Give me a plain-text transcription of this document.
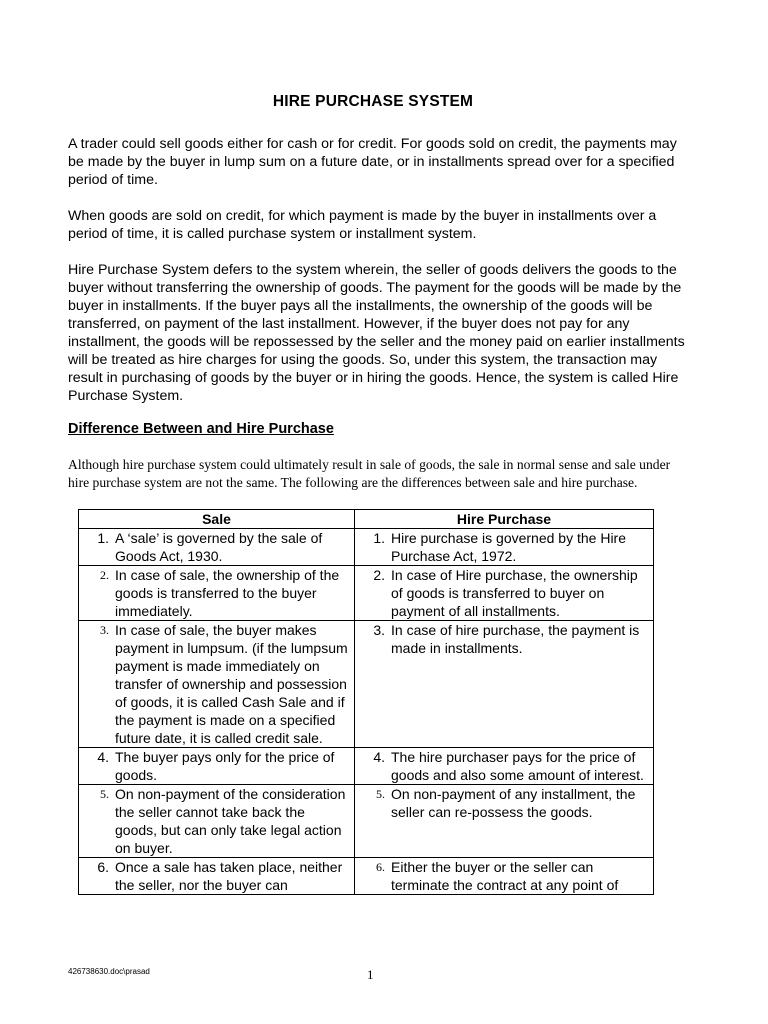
HIRE PURCHASE SYSTEM

A trader could sell goods either for cash or for credit. For goods sold on credit, the payments may be made by the buyer in lump sum on a future date, or in installments spread over for a specified period of time.

When goods are sold on credit, for which payment is made by the buyer in installments over a period of time, it is called purchase system or installment system.

Hire Purchase System defers to the system wherein, the seller of goods delivers the goods to the buyer without transferring the ownership of goods. The payment for the goods will be made by the buyer in installments. If the buyer pays all the installments, the ownership of the goods will be transferred, on payment of the last installment. However, if the buyer does not pay for any installment, the goods will be repossessed by the seller and the money paid on earlier installments will be treated as hire charges for using the goods. So, under this system, the transaction may result in purchasing of goods by the buyer or in hiring the goods. Hence, the system is called Hire Purchase System.

Difference Between and Hire Purchase

Although hire purchase system could ultimately result in sale of goods, the sale in normal sense and sale under hire purchase system are not the same. The following are the differences between sale and hire purchase.

Sale	Hire Purchase

1. A ‘sale’ is governed by the sale of Goods Act, 1930.	1. Hire purchase is governed by the Hire Purchase Act, 1972.

2. In case of sale, the ownership of the goods is transferred to the buyer immediately.	2. In case of Hire purchase, the ownership of goods is transferred to buyer on payment of all installments.

3. In case of sale, the buyer makes payment in lumpsum. (if the lumpsum payment is made immediately on transfer of ownership and possession of goods, it is called Cash Sale and if the payment is made on a specified future date, it is called credit sale.	3. In case of hire purchase, the payment is made in installments.

4. The buyer pays only for the price of goods.	4. The hire purchaser pays for the price of goods and also some amount of interest.

5. On non-payment of the consideration the seller cannot take back the goods, but can only take legal action on buyer.	5. On non-payment of any installment, the seller can re-possess the goods.

6. Once a sale has taken place, neither the seller, nor the buyer can	6. Either the buyer or the seller can terminate the contract at any point of
426738630.doc\prasad	1
